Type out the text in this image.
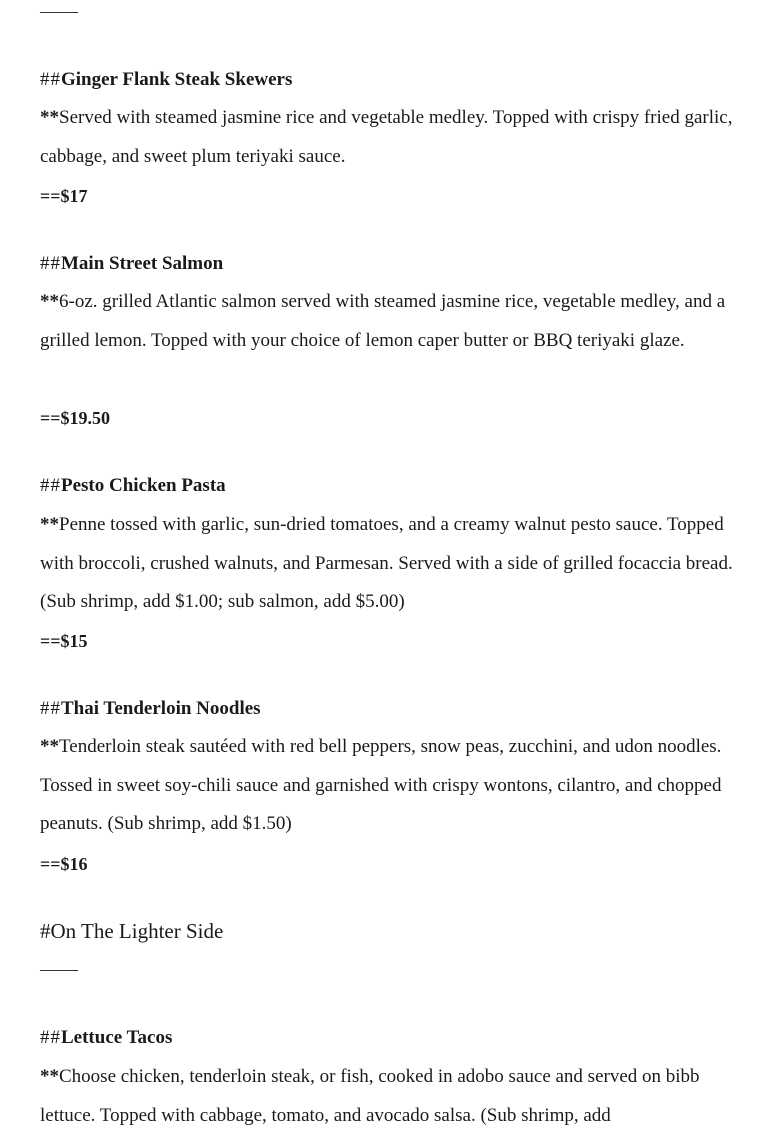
——
##Ginger Flank Steak Skewers

**Served with steamed jasmine rice and vegetable medley. Topped with crispy fried garlic, cabbage, and sweet plum teriyaki sauce.

==$17
##Main Street Salmon

**6-oz. grilled Atlantic salmon served with steamed jasmine rice, vegetable medley, and a grilled lemon. Topped with your choice of lemon caper butter or BBQ teriyaki glaze.

==$19.50
##Pesto Chicken Pasta

**Penne tossed with garlic, sun-dried tomatoes, and a creamy walnut pesto sauce. Topped with broccoli, crushed walnuts, and Parmesan. Served with a side of grilled focaccia bread. (Sub shrimp, add $1.00; sub salmon, add $5.00)

==$15
##Thai Tenderloin Noodles

**Tenderloin steak sautéed with red bell peppers, snow peas, zucchini, and udon noodles. Tossed in sweet soy-chili sauce and garnished with crispy wontons, cilantro, and chopped peanuts. (Sub shrimp, add $1.50)

==$16
#On The Lighter Side
——
##Lettuce Tacos

**Choose chicken, tenderloin steak, or fish, cooked in adobo sauce and served on bibb lettuce. Topped with cabbage, tomato, and avocado salsa. (Sub shrimp, add
